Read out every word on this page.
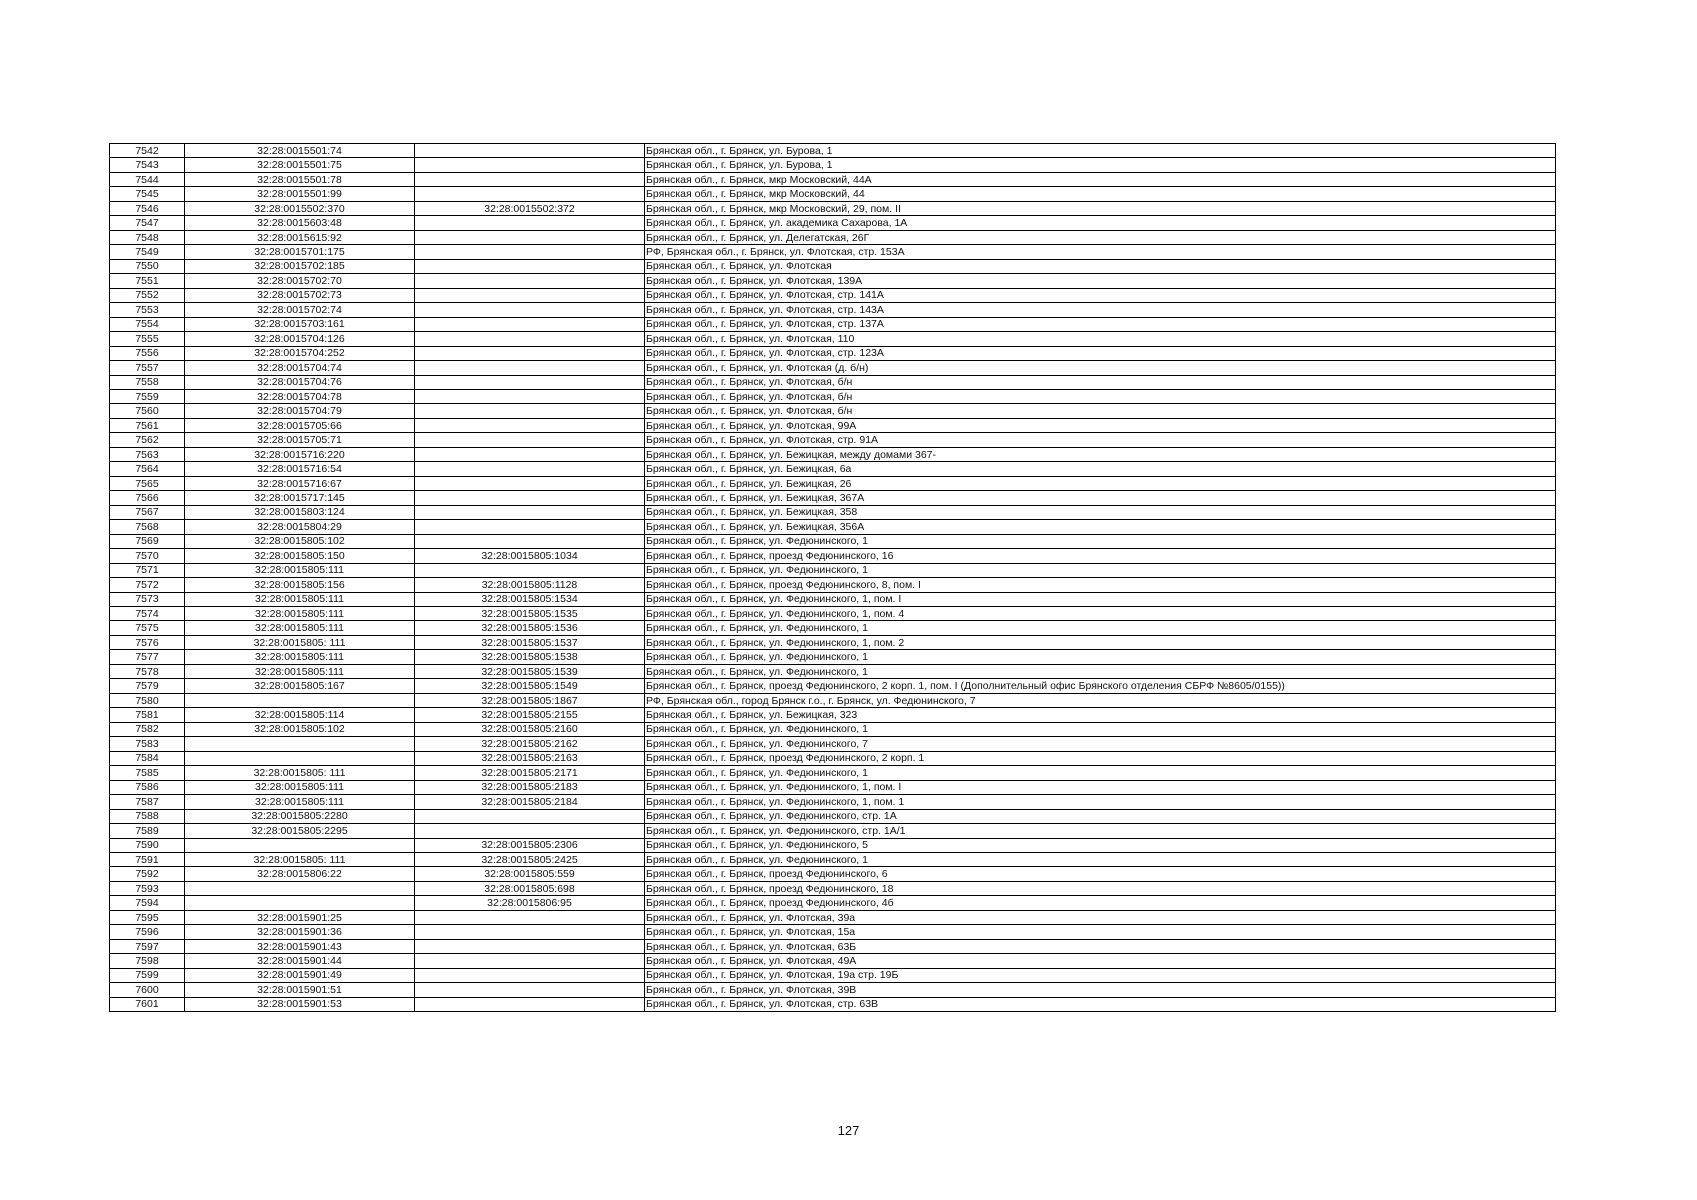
7542	32:28:0015501:74		Брянская обл., г. Брянск, ул. Бурова, 1
7543	32:28:0015501:75		Брянская обл., г. Брянск, ул. Бурова, 1
7544	32:28:0015501:78		Брянская обл., г. Брянск, мкр Московский, 44А
7545	32:28:0015501:99		Брянская обл., г. Брянск, мкр Московский, 44
7546	32:28:0015502:370	32:28:0015502:372	Брянская обл., г. Брянск, мкр Московский, 29, пом. II
7547	32:28:0015603:48		Брянская обл., г. Брянск, ул. академика Сахарова, 1А
7548	32:28:0015615:92		Брянская обл., г. Брянск, ул. Делегатская, 26Г
7549	32:28:0015701:175		РФ, Брянская обл., г. Брянск, ул. Флотская, стр. 153А
7550	32:28:0015702:185		Брянская обл., г. Брянск, ул. Флотская
7551	32:28:0015702:70		Брянская обл., г. Брянск, ул. Флотская, 139А
7552	32:28:0015702:73		Брянская обл., г. Брянск, ул. Флотская, стр. 141А
7553	32:28:0015702:74		Брянская обл., г. Брянск, ул. Флотская, стр. 143А
7554	32:28:0015703:161		Брянская обл., г. Брянск, ул. Флотская, стр. 137А
7555	32:28:0015704:126		Брянская обл., г. Брянск, ул. Флотская, 110
7556	32:28:0015704:252		Брянская обл., г. Брянск, ул. Флотская, стр. 123А
7557	32:28:0015704:74		Брянская обл., г. Брянск, ул. Флотская (д. б/н)
7558	32:28:0015704:76		Брянская обл., г. Брянск, ул. Флотская, б/н
7559	32:28:0015704:78		Брянская обл., г. Брянск, ул. Флотская, б/н
7560	32:28:0015704:79		Брянская обл., г. Брянск, ул. Флотская, б/н
7561	32:28:0015705:66		Брянская обл., г. Брянск, ул. Флотская, 99А
7562	32:28:0015705:71		Брянская обл., г. Брянск, ул. Флотская, стр. 91А
7563	32:28:0015716:220		Брянская обл., г. Брянск, ул. Бежицкая, между домами 367-
7564	32:28:0015716:54		Брянская обл., г. Брянск, ул. Бежицкая, 6а
7565	32:28:0015716:67		Брянская обл., г. Брянск, ул. Бежицкая, 26
7566	32:28:0015717:145		Брянская обл., г. Брянск, ул. Бежицкая, 367А
7567	32:28:0015803:124		Брянская обл., г. Брянск, ул. Бежицкая, 358
7568	32:28:0015804:29		Брянская обл., г. Брянск, ул. Бежицкая, 356А
7569	32:28:0015805:102		Брянская обл., г. Брянск, ул. Федюнинского, 1
7570	32:28:0015805:150	32:28:0015805:1034	Брянская обл., г. Брянск, проезд Федюнинского, 16
7571	32:28:0015805:111		Брянская обл., г. Брянск, ул. Федюнинского, 1
7572	32:28:0015805:156	32:28:0015805:1128	Брянская обл., г. Брянск, проезд Федюнинского, 8, пом. I
7573	32:28:0015805:111	32:28:0015805:1534	Брянская обл., г. Брянск, ул. Федюнинского, 1, пом. I
7574	32:28:0015805:111	32:28:0015805:1535	Брянская обл., г. Брянск, ул. Федюнинского, 1, пом. 4
7575	32:28:0015805:111	32:28:0015805:1536	Брянская обл., г. Брянск, ул. Федюнинского, 1
7576	32:28:0015805: 111	32:28:0015805:1537	Брянская обл., г. Брянск, ул. Федюнинского, 1, пом. 2
7577	32:28:0015805:111	32:28:0015805:1538	Брянская обл., г. Брянск, ул. Федюнинского, 1
7578	32:28:0015805:111	32:28:0015805:1539	Брянская обл., г. Брянск, ул. Федюнинского, 1
7579	32:28:0015805:167	32:28:0015805:1549	Брянская обл., г. Брянск, проезд Федюнинского, 2 корп. 1, пом. I (Дополнительный офис Брянского отделения СБРФ №8605/0155))
7580		32:28:0015805:1867	РФ, Брянская обл., город Брянск г.о., г. Брянск, ул. Федюнинского, 7
7581	32:28:0015805:114	32:28:0015805:2155	Брянская обл., г. Брянск, ул. Бежицкая, 323
7582	32:28:0015805:102	32:28:0015805:2160	Брянская обл., г. Брянск, ул. Федюнинского, 1
7583		32:28:0015805:2162	Брянская обл., г. Брянск, ул. Федюнинского, 7
7584		32:28:0015805:2163	Брянская обл., г. Брянск, проезд Федюнинского, 2 корп. 1
7585	32:28:0015805: 111	32:28:0015805:2171	Брянская обл., г. Брянск, ул. Федюнинского, 1
7586	32:28:0015805:111	32:28:0015805:2183	Брянская обл., г. Брянск, ул. Федюнинского, 1, пом. I
7587	32:28:0015805:111	32:28:0015805:2184	Брянская обл., г. Брянск, ул. Федюнинского, 1, пом. 1
7588	32:28:0015805:2280		Брянская обл., г. Брянск, ул. Федюнинского, стр. 1А
7589	32:28:0015805:2295		Брянская обл., г. Брянск, ул. Федюнинского, стр. 1А/1
7590		32:28:0015805:2306	Брянская обл., г. Брянск, ул. Федюнинского, 5
7591	32:28:0015805: 111	32:28:0015805:2425	Брянская обл., г. Брянск, ул. Федюнинского, 1
7592	32:28:0015806:22	32:28:0015805:559	Брянская обл., г. Брянск, проезд Федюнинского, 6
7593		32:28:0015805:698	Брянская обл., г. Брянск, проезд Федюнинского, 18
7594		32:28:0015806:95	Брянская обл., г. Брянск, проезд Федюнинского, 4б
7595	32:28:0015901:25		Брянская обл., г. Брянск, ул. Флотская, 39а
7596	32:28:0015901:36		Брянская обл., г. Брянск, ул. Флотская, 15а
7597	32:28:0015901:43		Брянская обл., г. Брянск, ул. Флотская, 63Б
7598	32:28:0015901:44		Брянская обл., г. Брянск, ул. Флотская, 49А
7599	32:28:0015901:49		Брянская обл., г. Брянск, ул. Флотская, 19а стр. 19Б
7600	32:28:0015901:51		Брянская обл., г. Брянск, ул. Флотская, 39В
7601	32:28:0015901:53		Брянская обл., г. Брянск, ул. Флотская, стр. 63В
127
